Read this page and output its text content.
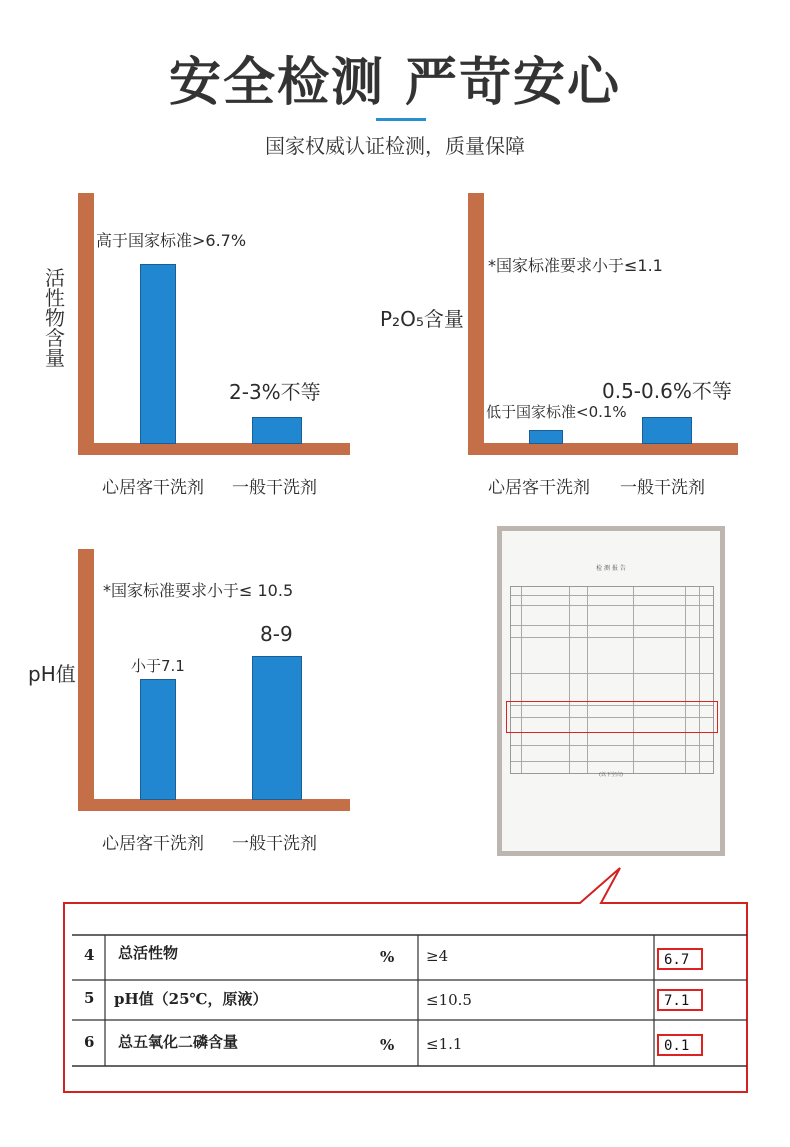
安全检测 严苛安心
国家权威认证检测，质量保障
活性物含量
高于国家标准>6.7%
2-3%不等
心居客干洗剂 一般干洗剂
P₂O₅含量
*国家标准要求小于≤1.1
低于国家标准<0.1%
0.5-0.6%不等
心居客干洗剂 一般干洗剂
pH值
*国家标准要求小于≤ 10.5
小于7.1
8-9
心居客干洗剂 一般干洗剂
检 测 报 告
(以下空白)
4 总活性物	% ≥4	6.7
5 pH值（25℃，原液）	≤10.5	7.1
6 总五氧化二磷含量	% ≤1.1	0.1
